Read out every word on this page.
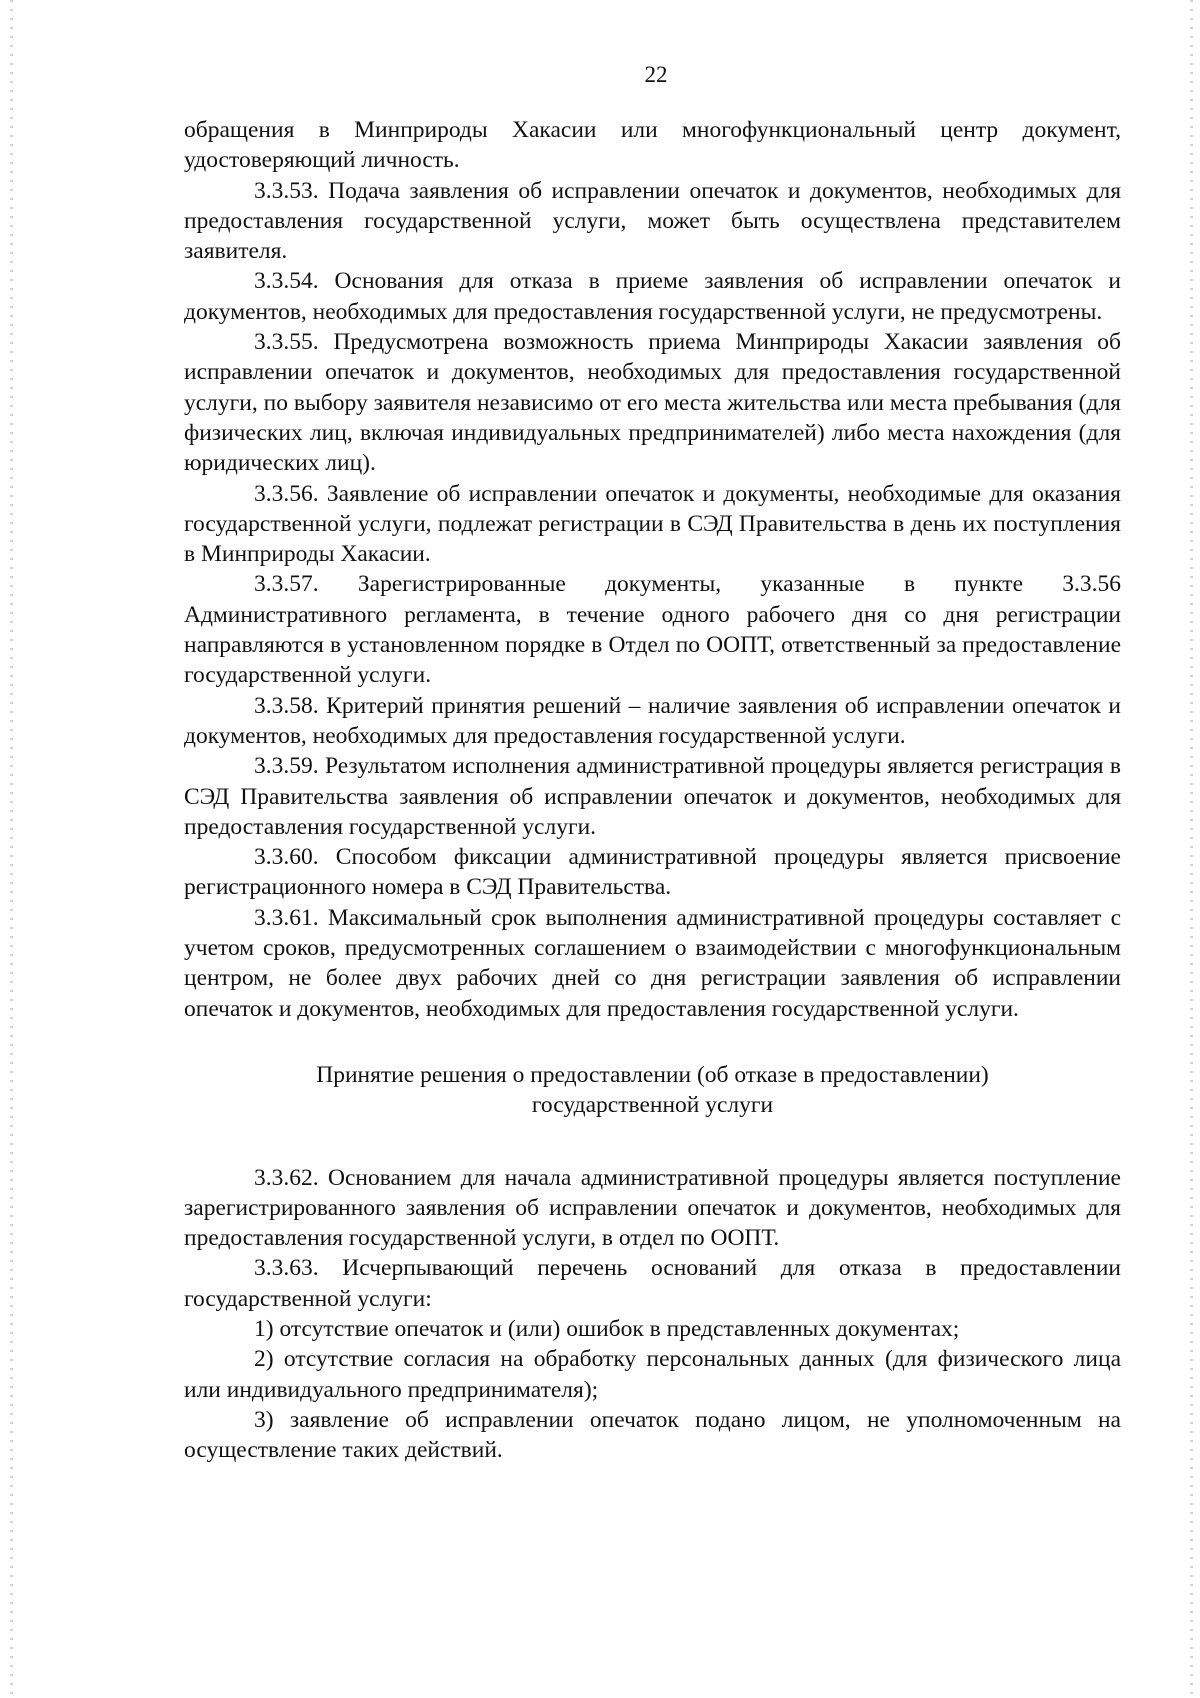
22

обращения в Минприроды Хакасии или многофункциональный центр документ, удостоверяющий личность.

3.3.53. Подача заявления об исправлении опечаток и документов, необходимых для предоставления государственной услуги, может быть осуществлена представителем заявителя.

3.3.54. Основания для отказа в приеме заявления об исправлении опечаток и документов, необходимых для предоставления государственной услуги, не предусмотрены.

3.3.55. Предусмотрена возможность приема Минприроды Хакасии заявления об исправлении опечаток и документов, необходимых для предоставления государственной услуги, по выбору заявителя независимо от его места жительства или места пребывания (для физических лиц, включая индивидуальных предпринимателей) либо места нахождения (для юридических лиц).

3.3.56. Заявление об исправлении опечаток и документы, необходимые для оказания государственной услуги, подлежат регистрации в СЭД Правительства в день их поступления в Минприроды Хакасии.

3.3.57. Зарегистрированные документы, указанные в пункте 3.3.56 Административного регламента, в течение одного рабочего дня со дня регистрации направляются в установленном порядке в Отдел по ООПТ, ответственный за предоставление государственной услуги.

3.3.58. Критерий принятия решений – наличие заявления об исправлении опечаток и документов, необходимых для предоставления государственной услуги.

3.3.59. Результатом исполнения административной процедуры является регистрация в СЭД Правительства заявления об исправлении опечаток и документов, необходимых для предоставления государственной услуги.

3.3.60. Способом фиксации административной процедуры является присвоение регистрационного номера в СЭД Правительства.

3.3.61. Максимальный срок выполнения административной процедуры составляет с учетом сроков, предусмотренных соглашением о взаимодействии с многофункциональным центром, не более двух рабочих дней со дня регистрации заявления об исправлении опечаток и документов, необходимых для предоставления государственной услуги.

Принятие решения о предоставлении (об отказе в предоставлении)
государственной услуги

3.3.62. Основанием для начала административной процедуры является поступление зарегистрированного заявления об исправлении опечаток и документов, необходимых для предоставления государственной услуги, в отдел по ООПТ.

3.3.63. Исчерпывающий перечень оснований для отказа в предоставлении государственной услуги:

1) отсутствие опечаток и (или) ошибок в представленных документах;

2) отсутствие согласия на обработку персональных данных (для физического лица или индивидуального предпринимателя);

3) заявление об исправлении опечаток подано лицом, не уполномоченным на осуществление таких действий.
